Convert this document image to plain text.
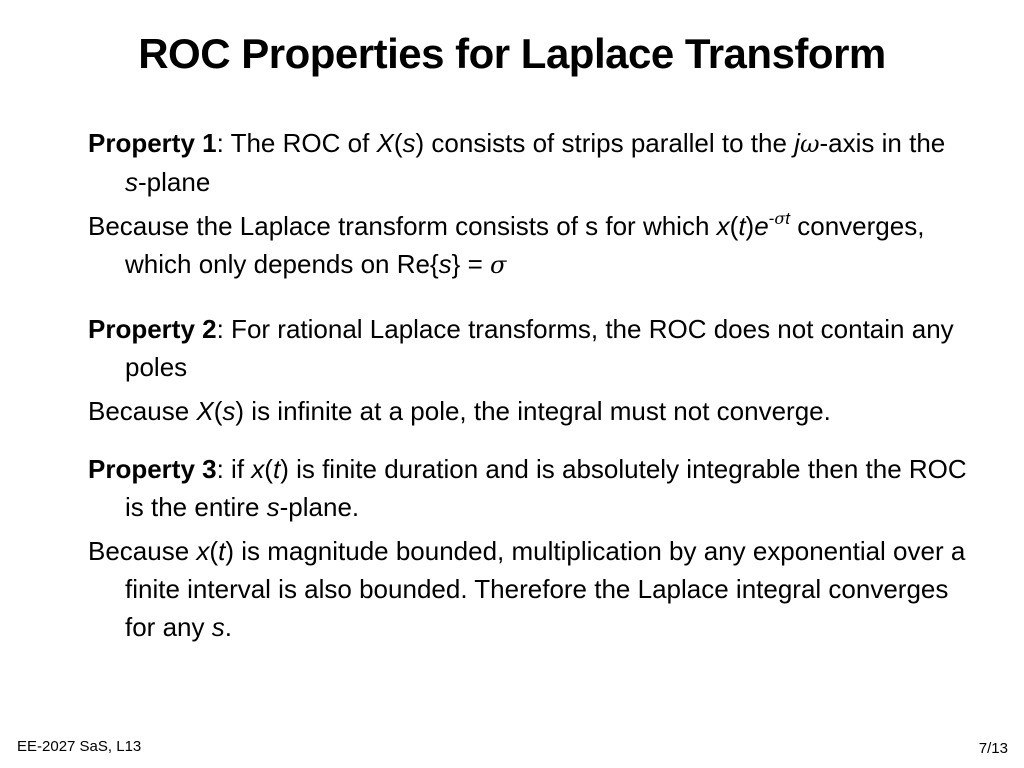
ROC Properties for Laplace Transform
Property 1: The ROC of X(s) consists of strips parallel to the jω-axis in the s-plane
Because the Laplace transform consists of s for which $x(t)e^{-\sigma t}$ converges, which only depends on Re{s} = σ
Property 2: For rational Laplace transforms, the ROC does not contain any poles
Because X(s) is infinite at a pole, the integral must not converge.
Property 3: if x(t) is finite duration and is absolutely integrable then the ROC is the entire s-plane.
Because x(t) is magnitude bounded, multiplication by any exponential over a finite interval is also bounded. Therefore the Laplace integral converges for any s.
EE-2027 SaS, L13	7/13
